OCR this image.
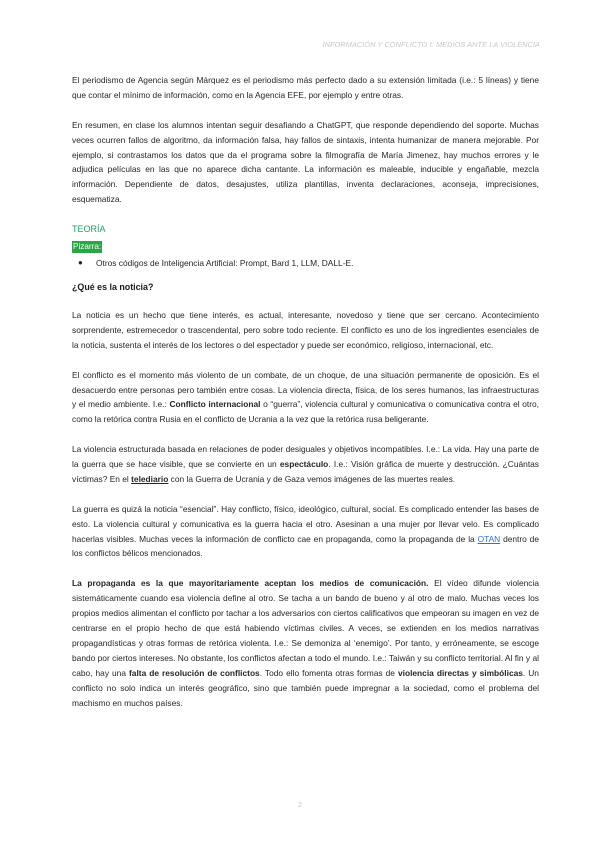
INFORMACIÓN Y CONFLICTO I: MEDIOS ANTE LA VIOLENCIA

El periodismo de Agencia según Márquez es el periodismo más perfecto dado a su extensión limitada (i.e.: 5 líneas) y tiene que contar el mínimo de información, como en la Agencia EFE, por ejemplo y entre otras.

En resumen, en clase los alumnos intentan seguir desafiando a ChatGPT, que responde dependiendo del soporte. Muchas veces ocurren fallos de algoritmo, da información falsa, hay fallos de sintaxis, intenta humanizar de manera mejorable. Por ejemplo, si contrastamos los datos que da el programa sobre la filmografía de María Jimenez, hay muchos errores y le adjudica películas en las que no aparece dicha cantante. La información es maleable, inducible y engañable, mezcla información. Dependiente de datos, desajustes, utiliza plantillas, inventa declaraciones, aconseja, imprecisiones, esquematiza.

TEORÍA
Pizarra:
● Otros códigos de Inteligencia Artificial: Prompt, Bard 1, LLM, DALL-E.
¿Qué es la noticia?

La noticia es un hecho que tiene interés, es actual, interesante, novedoso y tiene que ser cercano. Acontecimiento sorprendente, estremecedor o trascendental, pero sobre todo reciente. El conflicto es uno de los ingredientes esenciales de la noticia, sustenta el interés de los lectores o del espectador y puede ser económico, religioso, internacional, etc.

El conflicto es el momento más violento de un combate, de un choque, de una situación permanente de oposición. Es el desacuerdo entre personas pero también entre cosas. La violencia directa, física, de los seres humanos, las infraestructuras y el medio ambiente. I.e.: Conflicto internacional o “guerra”, violencia cultural y comunicativa o comunicativa contra el otro, como la retórica contra Rusia en el conflicto de Ucrania a la vez que la retórica rusa beligerante.

La violencia estructurada basada en relaciones de poder desiguales y objetivos incompatibles. I.e.: La vida. Hay una parte de la guerra que se hace visible, que se convierte en un espectáculo. I.e.: Visión gráfica de muerte y destrucción. ¿Cuántas víctimas? En el telediario con la Guerra de Ucrania y de Gaza vemos imágenes de las muertes reales.

La guerra es quizá la noticia “esencial”. Hay conflicto, físico, ideológico, cultural, social. Es complicado entender las bases de esto. La violencia cultural y comunicativa es la guerra hacia el otro. Asesinan a una mujer por llevar velo. Es complicado hacerlas visibles. Muchas veces la información de conflicto cae en propaganda, como la propaganda de la OTAN dentro de los conflictos bélicos mencionados.

La propaganda es la que mayoritariamente aceptan los medios de comunicación. El vídeo difunde violencia sistemáticamente cuando esa violencia define al otro. Se tacha a un bando de bueno y al otro de malo. Muchas veces los propios medios alimentan el conflicto por tachar a los adversarios con ciertos calificativos que empeoran su imagen en vez de centrarse en el propio hecho de que está habiendo víctimas civiles. A veces, se extienden en los medios narrativas propagandísticas y otras formas de retórica violenta. I.e.: Se demoniza al ‘enemigo’. Por tanto, y erróneamente, se escoge bando por ciertos intereses. No obstante, los conflictos afectan a todo el mundo. I.e.: Taiwán y su conflicto territorial. Al fin y al cabo, hay una falta de resolución de conflictos. Todo ello fomenta otras formas de violencia directas y simbólicas. Un conflicto no solo indica un interés geográfico, sino que también puede impregnar a la sociedad, como el problema del machismo en muchos países.

2
